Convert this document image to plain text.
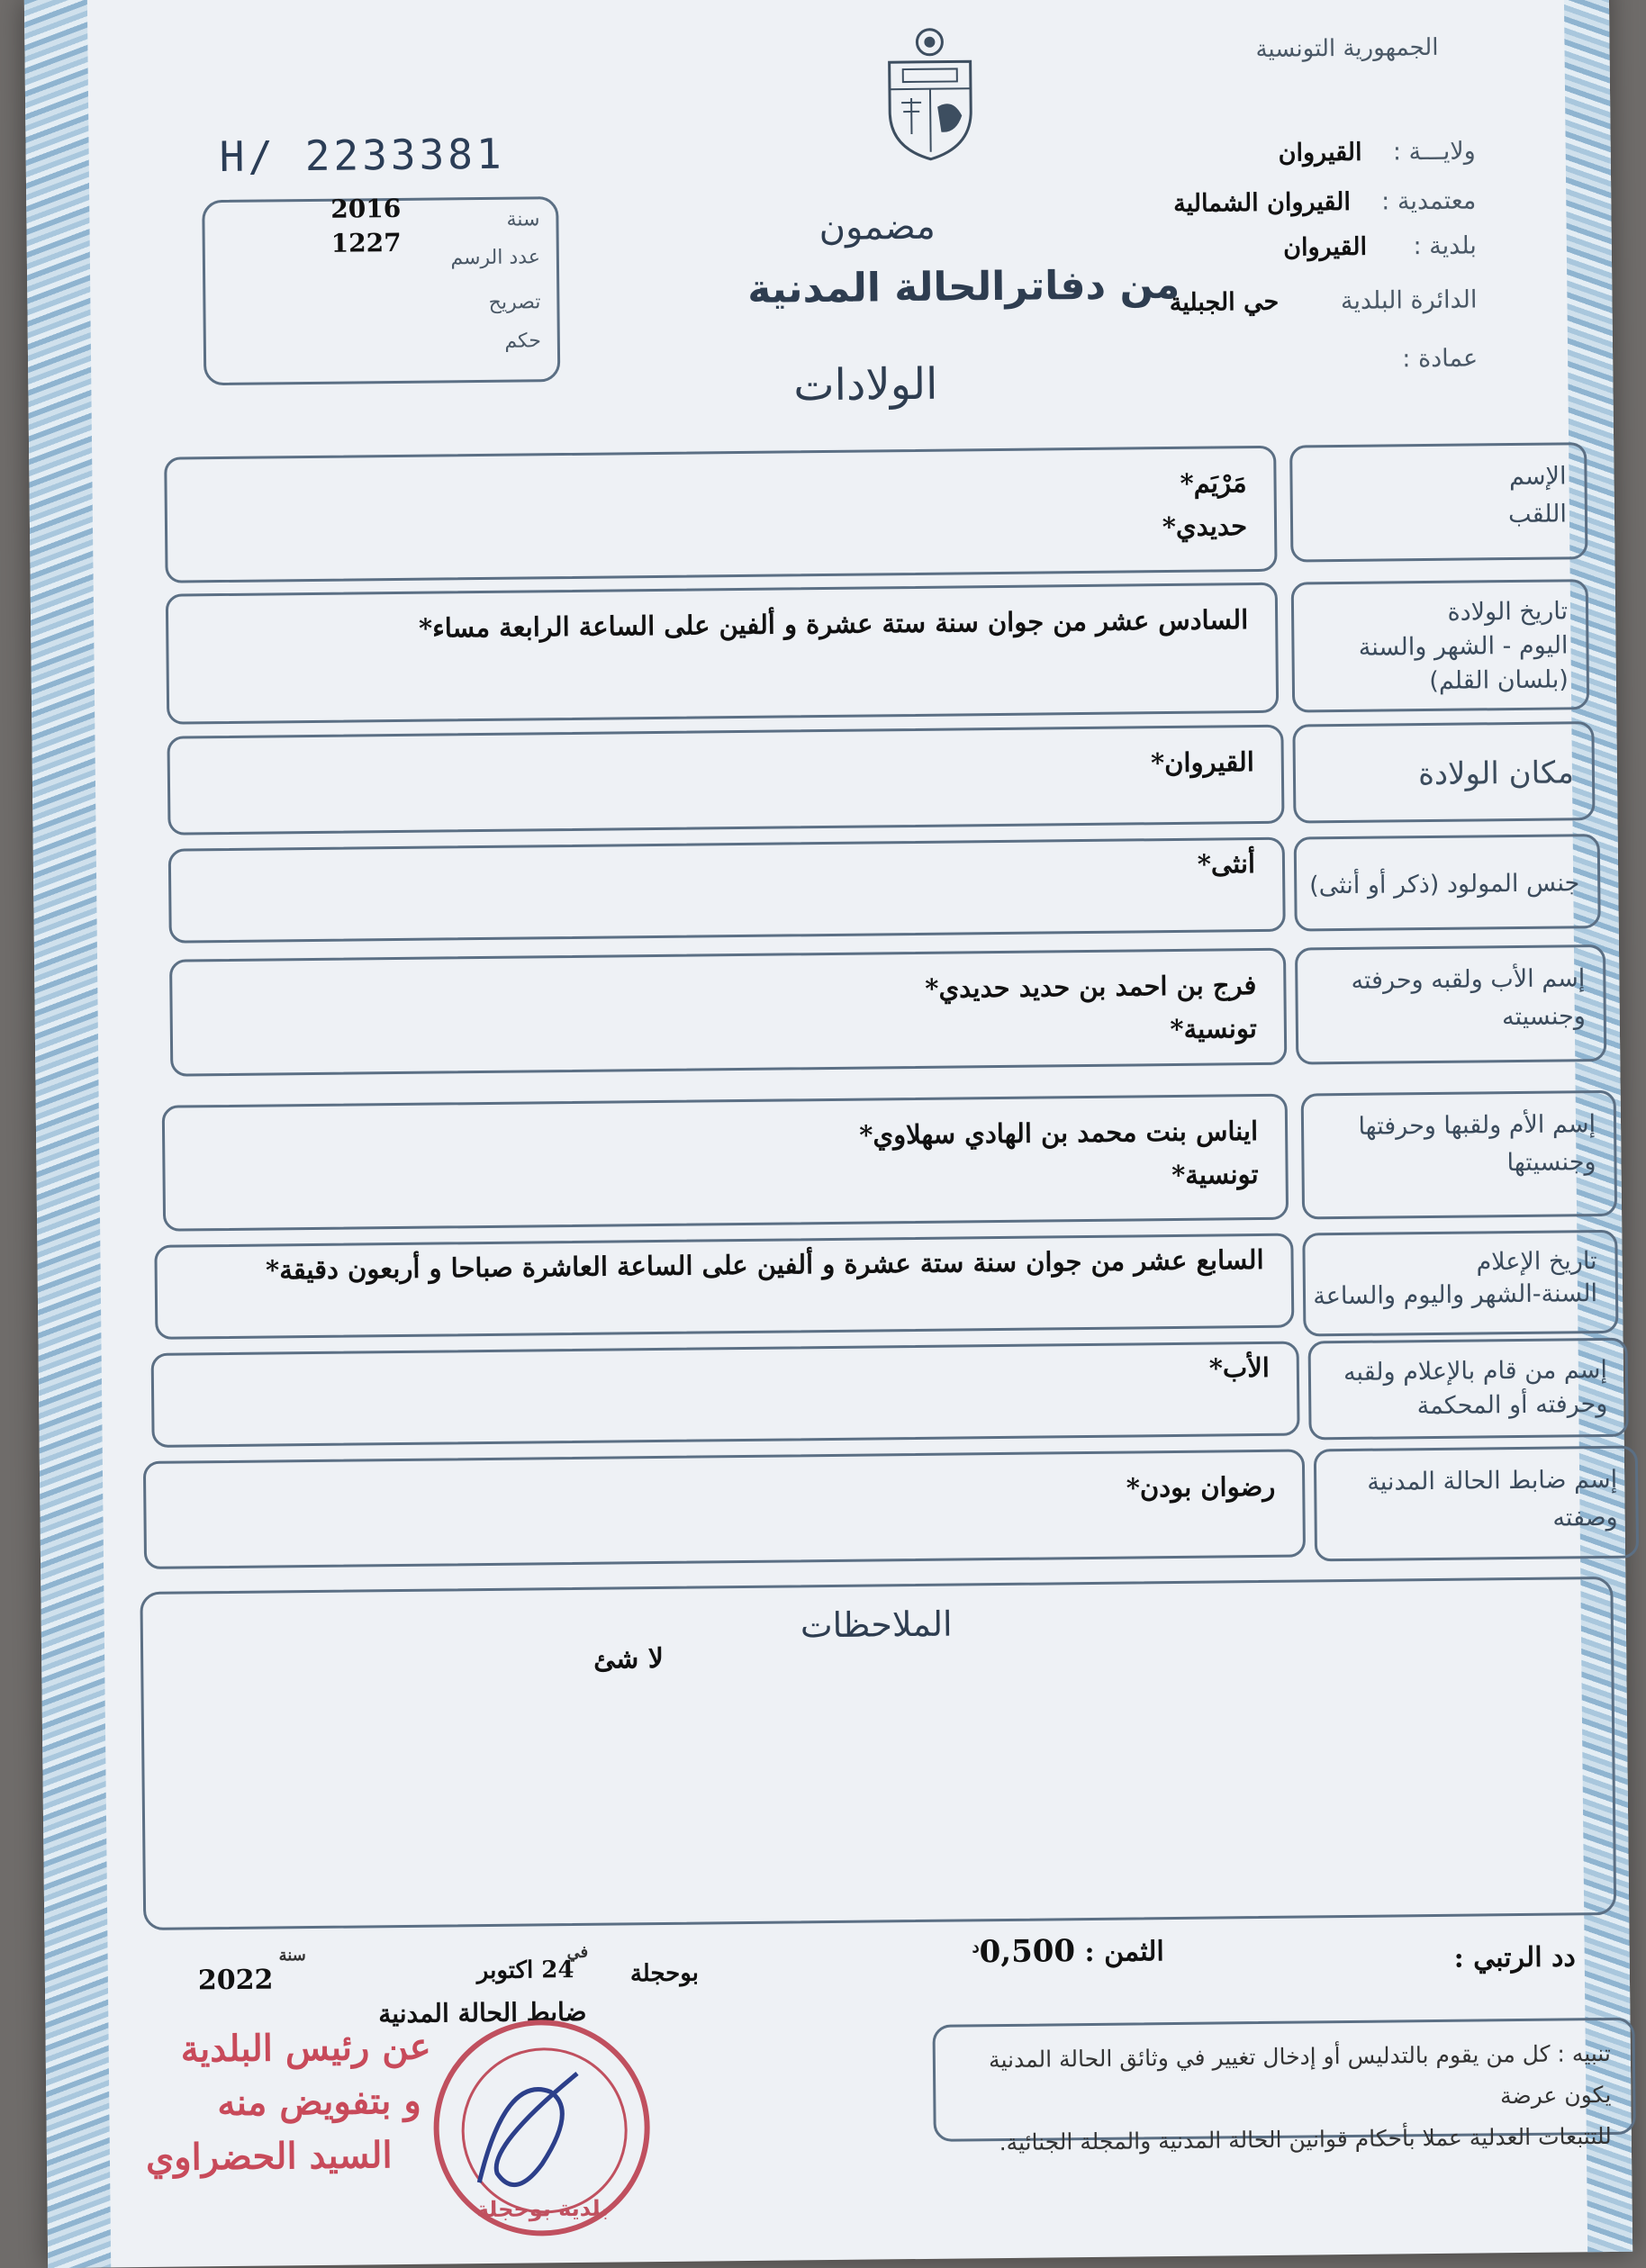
الجمهورية التونسية
H/ 2233381
سنة
2016
عدد الرسم
1227
تصريح
حكم
مضمون
من دفاترالحالة المدنية
الولادات
ولايـــة :    القيروان
معتمدية :    القيروان الشمالية
بلدية :      القيروان
الدائرة البلدية        حي الجبلية
عمادة :
الإسم
اللقب
مَرْيَم*
حديدي*
تاريخ الولادة
اليوم - الشهر والسنة
(بلسان القلم)
السادس عشر من جوان سنة ستة عشرة و ألفين على الساعة الرابعة مساء*
مكان الولادة
القيروان*
جنس المولود (ذكر أو أنثى)
أنثى*
إسم الأب ولقبه وحرفته
وجنسيته
فرج بن احمد بن حديد حديدي*
تونسية*
إسم الأم ولقبها وحرفتها
وجنسيتها
ايناس بنت محمد بن الهادي سهلاوي*
تونسية*
تاريخ الإعلام
السنة-الشهر واليوم والساعة
السابع عشر من جوان سنة ستة عشرة و ألفين على الساعة العاشرة صباحا و أربعون دقيقة*
إسم من قام بالإعلام ولقبه
وحرفته أو المحكمة
الأب*
إسم ضابط الحالة المدنية
وصفته
رضوان بودن*
الملاحظات
لا شئ
دد الرتبي :
الثمن : $0,500^د$
بوحجلة
في
24 اكتوبر
سنة
2022
ضابط الحالة المدنية
تنبيه : كل من يقوم بالتدليس أو إدخال تغيير في وثائق الحالة المدنية يكون عرضة
للتتبعات العدلية عملا بأحكام قوانين الحالة المدنية والمجلة الجنائية.
عن رئيس البلدية
و بتفويض منه
السيد الحضراوي
بلدية بوحجلة
